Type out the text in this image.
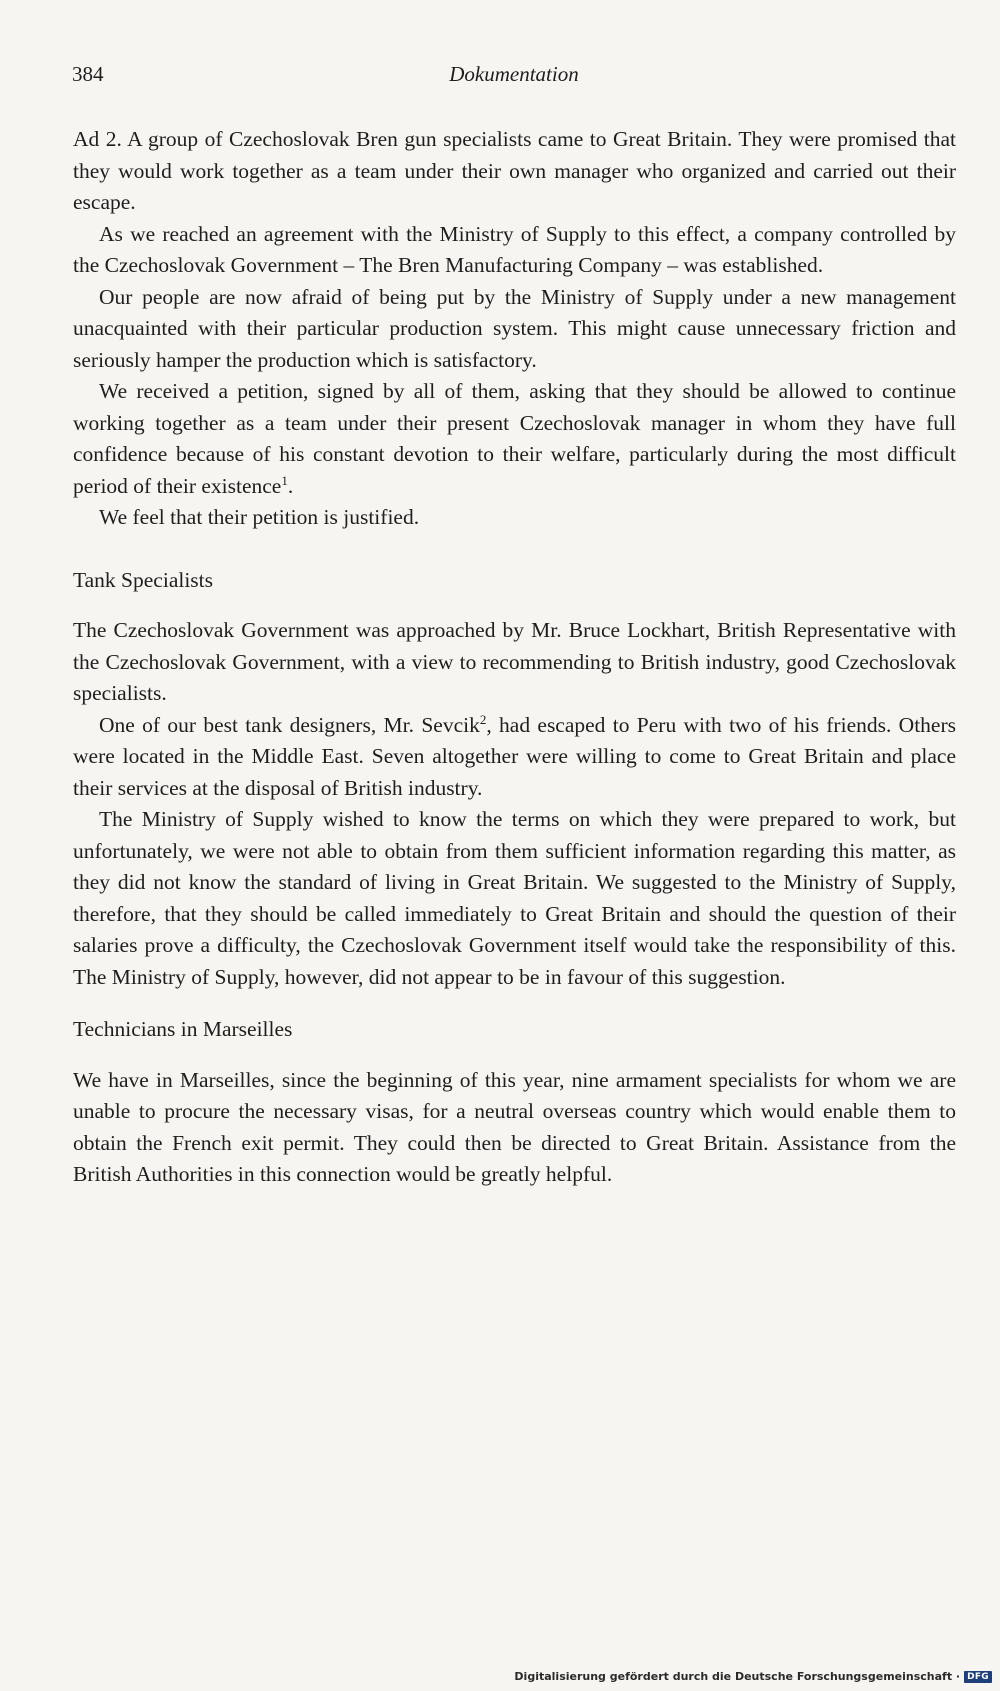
384	Dokumentation

Ad 2. A group of Czechoslovak Bren gun specialists came to Great Britain. They were promised that they would work together as a team under their own manager who organized and carried out their escape.

As we reached an agreement with the Ministry of Supply to this effect, a company controlled by the Czechoslovak Government – The Bren Manufacturing Company – was established.

Our people are now afraid of being put by the Ministry of Supply under a new management unacquainted with their particular production system. This might cause unnecessary friction and seriously hamper the production which is satisfactory.

We received a petition, signed by all of them, asking that they should be allowed to continue working together as a team under their present Czechoslovak manager in whom they have full confidence because of his constant devotion to their welfare, particularly during the most difficult period of their existence$^1$.

We feel that their petition is justified.

Tank Specialists

The Czechoslovak Government was approached by Mr. Bruce Lockhart, British Representative with the Czechoslovak Government, with a view to recommending to British industry, good Czechoslovak specialists.

One of our best tank designers, Mr. Sevcik$^2$, had escaped to Peru with two of his friends. Others were located in the Middle East. Seven altogether were willing to come to Great Britain and place their services at the disposal of British industry.

The Ministry of Supply wished to know the terms on which they were prepared to work, but unfortunately, we were not able to obtain from them sufficient information regarding this matter, as they did not know the standard of living in Great Britain. We suggested to the Ministry of Supply, therefore, that they should be called immediately to Great Britain and should the question of their salaries prove a difficulty, the Czechoslovak Government itself would take the responsibility of this. The Ministry of Supply, however, did not appear to be in favour of this suggestion.

Technicians in Marseilles

We have in Marseilles, since the beginning of this year, nine armament specialists for whom we are unable to procure the necessary visas, for a neutral overseas country which would enable them to obtain the French exit permit. They could then be directed to Great Britain. Assistance from the British Authorities in this connection would be greatly helpful.

Digitalisierung gefördert durch die Deutsche Forschungsgemeinschaft · DFG
